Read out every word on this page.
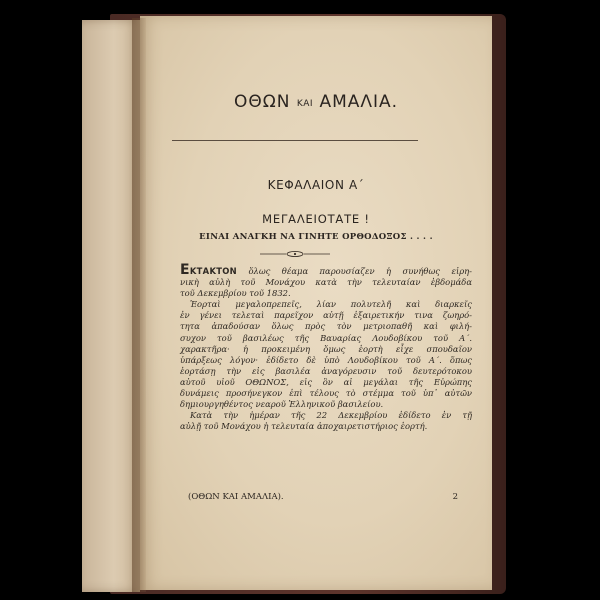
ΟΘΩΝ ΚΑΙ ΑΜΑΛΙΑ.
ΚΕΦΑΛΑΙΟΝ Α΄
ΜΕΓΑΛΕΙΟΤΑΤΕ !
ΕΙΝΑΙ ΑΝΑΓΚΗ ΝΑ ΓΙΝΗΤΕ ΟΡΘΟΔΟΞΟΣ . . . .
ΕΚΤΑΚΤΟΝ ὅλως θέαμα παρουσίαζεν ἡ συνήθως εἰρη-
νικὴ αὐλὴ τοῦ Μονάχου κατὰ τὴν τελευταίαν ἑβδομάδα
τοῦ Δεκεμβρίου τοῦ 1832.
Ἑορταὶ μεγαλοπρεπεῖς, λίαν πολυτελῆ καὶ διαρκεῖς
ἐν γένει τελεταὶ παρεῖχον αὐτῇ ἐξαιρετικήν τινα ζωηρό-
τητα ἀπαδούσαν ὅλως πρὸς τὸν μετριοπαθῆ καὶ φιλή-
συχον τοῦ βασιλέως τῆς Βαυαρίας Λουδοβίκου τοῦ Α΄.
χαρακτῆρα· ἡ προκειμένη ὅμως ἑορτὴ εἶχε σπουδαῖον
ὑπάρξεως λόγον· ἐδίδετο δὲ ὑπὸ Λουδοβίκου τοῦ Α΄. ὅπως
ἑορτάσῃ τὴν εἰς βασιλέα ἀναγόρευσιν τοῦ δευτερότοκου
αὐτοῦ υἱοῦ ΟΘΩΝΟΣ, εἰς ὃν αἱ μεγάλαι τῆς Εὐρώπης
δυνάμεις προσήνεγκον ἐπὶ τέλους τὸ στέμμα τοῦ ὑπ᾽ αὐτῶν
δημιουργηθέντος νεαροῦ Ἑλληνικοῦ βασιλείου.
Κατὰ τὴν ἡμέραν τῆς 22 Δεκεμβρίου ἐδίδετο ἐν τῇ
αὐλῇ τοῦ Μονάχου ἡ τελευταία ἀποχαιρετιστήριος ἑορτή.
(ΟΘΩΝ ΚΑΙ ΑΜΑΛΙΑ).	2
